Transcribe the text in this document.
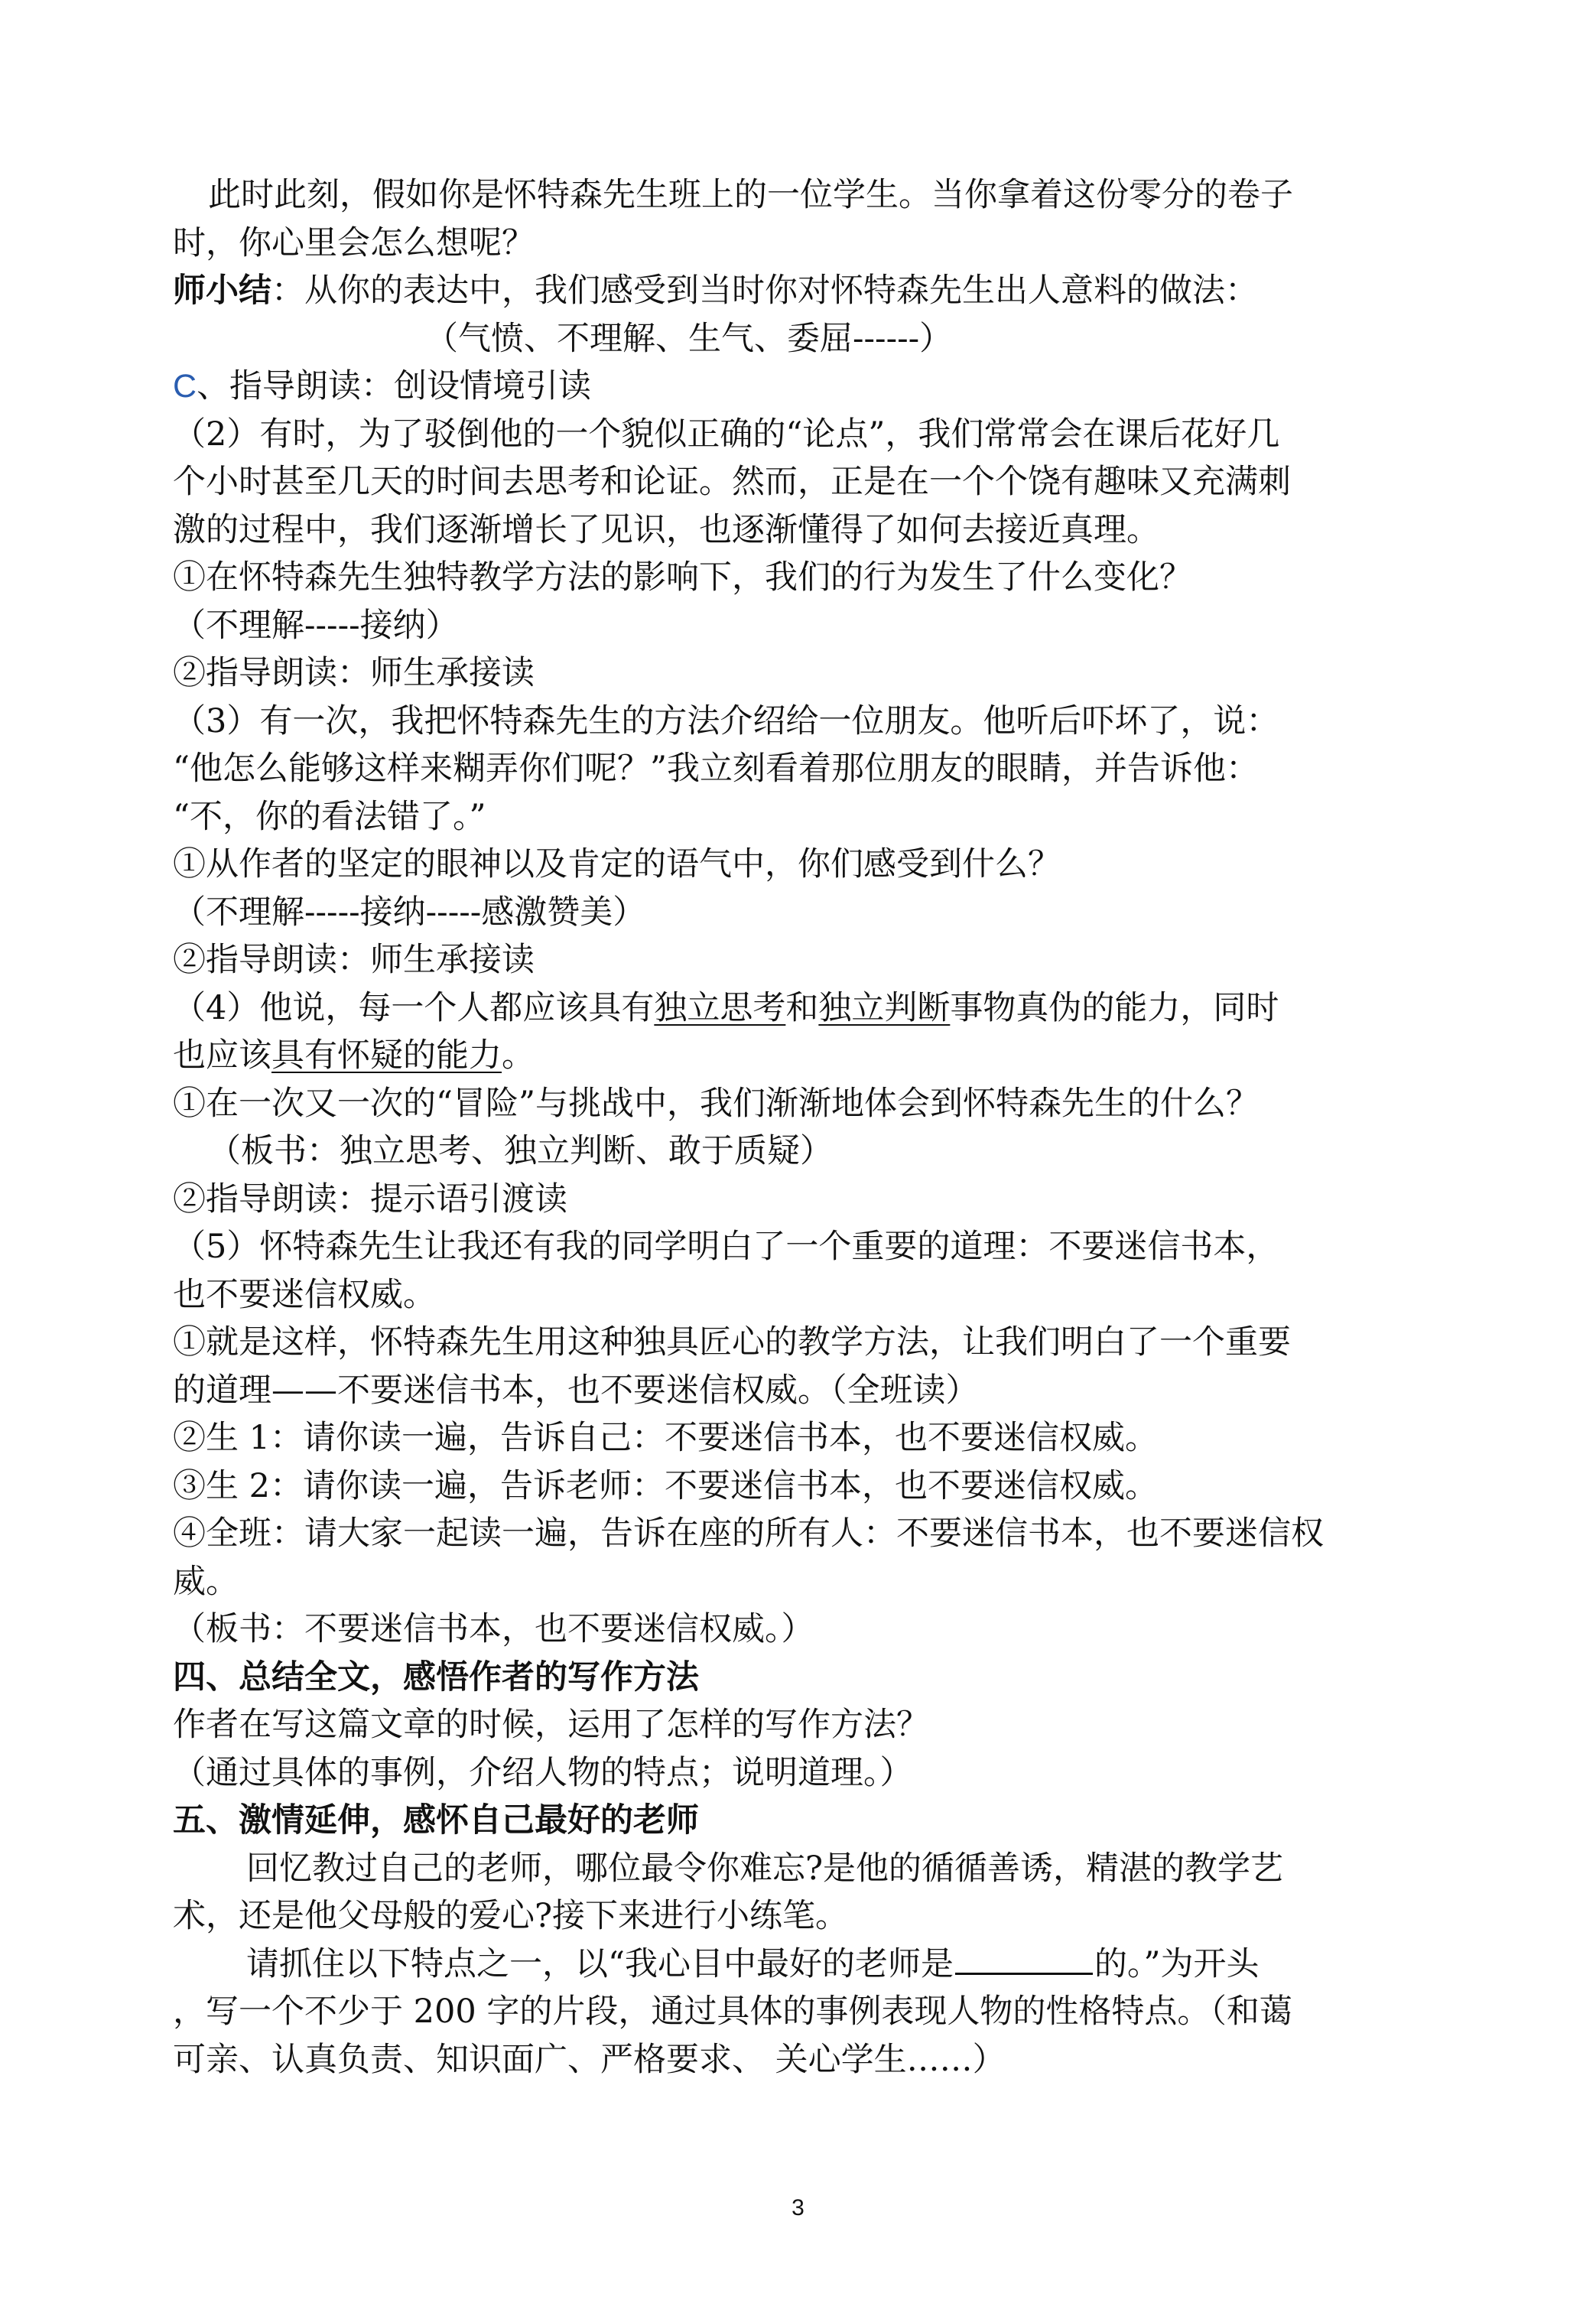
此时此刻，假如你是怀特森先生班上的一位学生。当你拿着这份零分的卷子
时，你心里会怎么想呢？
师小结：从你的表达中，我们感受到当时你对怀特森先生出人意料的做法：
（气愤、不理解、生气、委屈------）
C、指导朗读：创设情境引读
（2）有时，为了驳倒他的一个貌似正确的“论点”，我们常常会在课后花好几
个小时甚至几天的时间去思考和论证。然而，正是在一个个饶有趣味又充满刺
激的过程中，我们逐渐增长了见识，也逐渐懂得了如何去接近真理。
①在怀特森先生独特教学方法的影响下，我们的行为发生了什么变化？
（不理解-----接纳）
②指导朗读：师生承接读
（3）有一次，我把怀特森先生的方法介绍给一位朋友。他听后吓坏了，说：
“他怎么能够这样来糊弄你们呢？”我立刻看着那位朋友的眼睛，并告诉他：
“不，你的看法错了。”
①从作者的坚定的眼神以及肯定的语气中，你们感受到什么？
（不理解-----接纳-----感激赞美）
②指导朗读：师生承接读
（4）他说，每一个人都应该具有独立思考和独立判断事物真伪的能力，同时
也应该具有怀疑的能力。
①在一次又一次的“冒险”与挑战中，我们渐渐地体会到怀特森先生的什么？
（板书：独立思考、独立判断、敢于质疑）
②指导朗读：提示语引渡读
（5）怀特森先生让我还有我的同学明白了一个重要的道理：不要迷信书本，
也不要迷信权威。
①就是这样，怀特森先生用这种独具匠心的教学方法，让我们明白了一个重要
的道理——不要迷信书本，也不要迷信权威。（全班读）
②生 1：请你读一遍，告诉自己：不要迷信书本，也不要迷信权威。
③生 2：请你读一遍，告诉老师：不要迷信书本，也不要迷信权威。
④全班：请大家一起读一遍，告诉在座的所有人：不要迷信书本，也不要迷信权
威。
（板书：不要迷信书本，也不要迷信权威。）
四、总结全文，感悟作者的写作方法
作者在写这篇文章的时候，运用了怎样的写作方法？
（通过具体的事例，介绍人物的特点；说明道理。）
五、激情延伸，感怀自己最好的老师
回忆教过自己的老师，哪位最令你难忘?是他的循循善诱，精湛的教学艺
术，还是他父母般的爱心?接下来进行小练笔。
请抓住以下特点之一，以“我心目中最好的老师是	的。”为开头
，写一个不少于 200 字的片段，通过具体的事例表现人物的性格特点。（和蔼
可亲、认真负责、知识面广、严格要求、 关心学生……）
3
